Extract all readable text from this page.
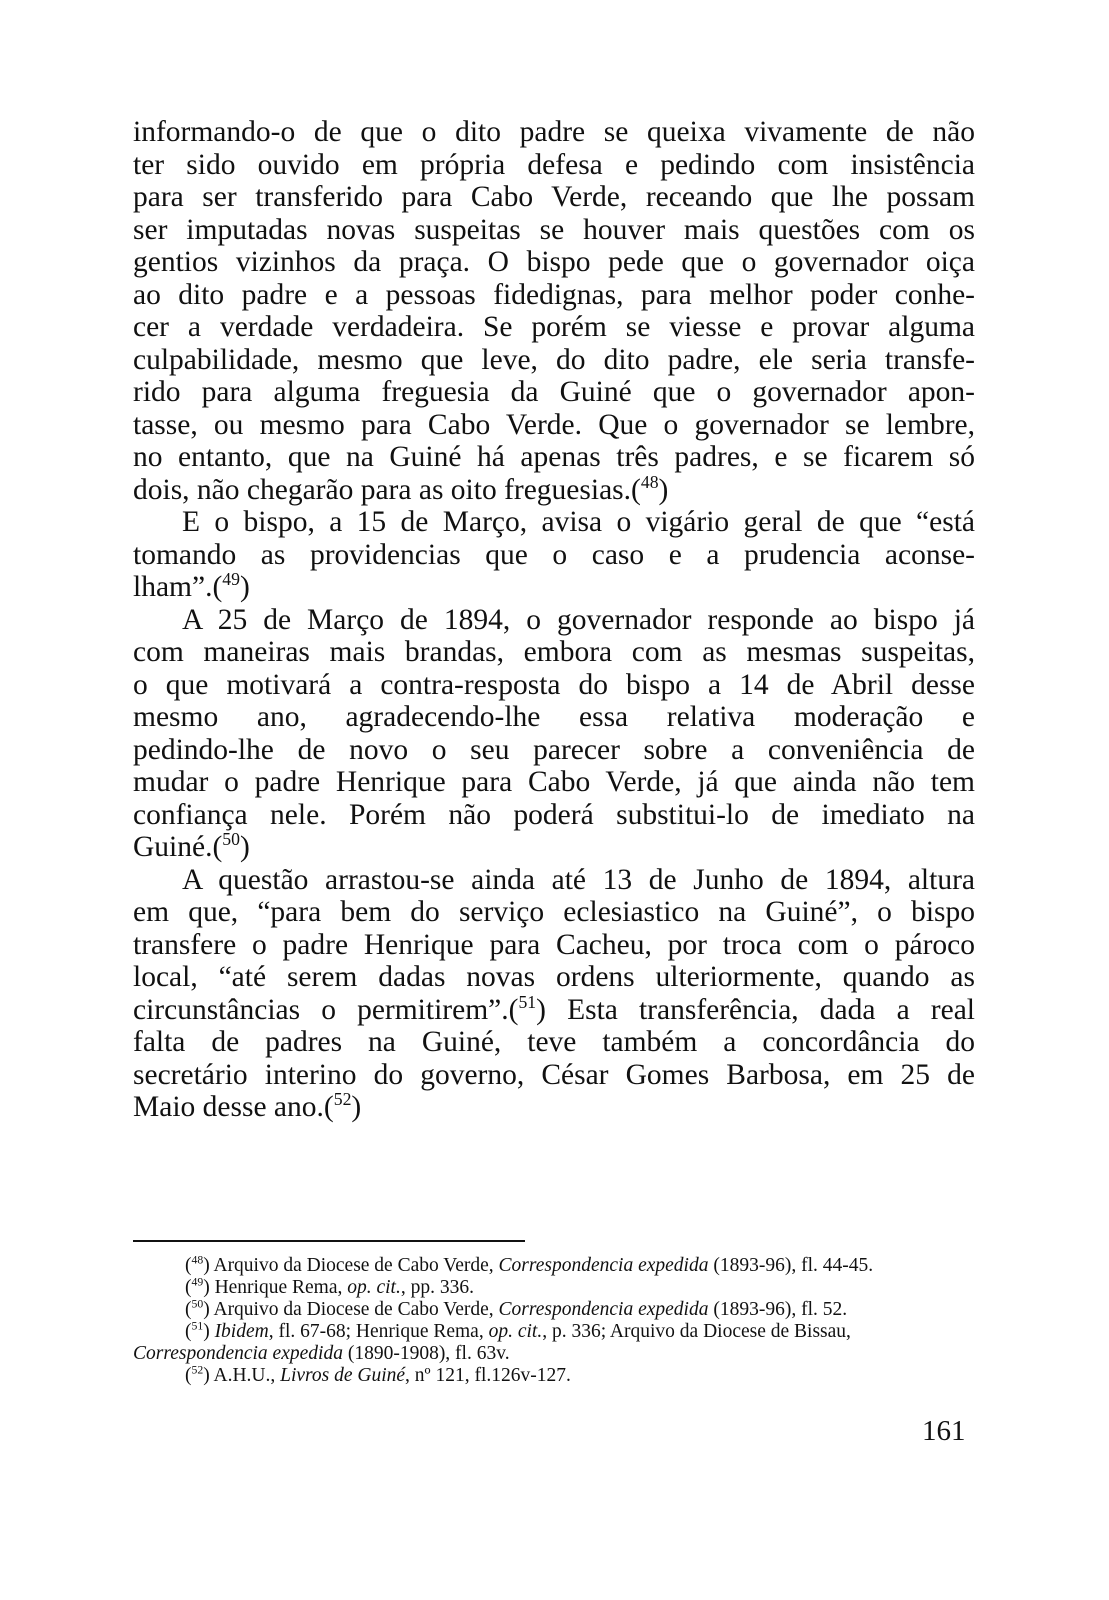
informando-o de que o dito padre se queixa vivamente de não
ter sido ouvido em própria defesa e pedindo com insistência
para ser transferido para Cabo Verde, receando que lhe possam
ser imputadas novas suspeitas se houver mais questões com os
gentios vizinhos da praça. O bispo pede que o governador oiça
ao dito padre e a pessoas fidedignas, para melhor poder conhe-
cer a verdade verdadeira. Se porém se viesse e provar alguma
culpabilidade, mesmo que leve, do dito padre, ele seria transfe-
rido para alguma freguesia da Guiné que o governador apon-
tasse, ou mesmo para Cabo Verde. Que o governador se lembre,
no entanto, que na Guiné há apenas três padres, e se ficarem só
dois, não chegarão para as oito freguesias.($^{48}$)
E o bispo, a 15 de Março, avisa o vigário geral de que “está
tomando as providencias que o caso e a prudencia aconse-
lham”.($^{49}$)
A 25 de Março de 1894, o governador responde ao bispo já
com maneiras mais brandas, embora com as mesmas suspeitas,
o que motivará a contra-resposta do bispo a 14 de Abril desse
mesmo ano, agradecendo-lhe essa relativa moderação e
pedindo-lhe de novo o seu parecer sobre a conveniência de
mudar o padre Henrique para Cabo Verde, já que ainda não tem
confiança nele. Porém não poderá substitui-lo de imediato na
Guiné.($^{50}$)
A questão arrastou-se ainda até 13 de Junho de 1894, altura
em que, “para bem do serviço eclesiastico na Guiné”, o bispo
transfere o padre Henrique para Cacheu, por troca com o pároco
local, “até serem dadas novas ordens ulteriormente, quando as
circunstâncias o permitirem”.($^{51}$) Esta transferência, dada a real
falta de padres na Guiné, teve também a concordância do
secretário interino do governo, César Gomes Barbosa, em 25 de
Maio desse ano.($^{52}$)
($^{48}$) Arquivo da Diocese de Cabo Verde, Correspondencia expedida (1893-96), fl. 44-45.
($^{49}$) Henrique Rema, op. cit., pp. 336.
($^{50}$) Arquivo da Diocese de Cabo Verde, Correspondencia expedida (1893-96), fl. 52.
($^{51}$) Ibidem, fl. 67-68; Henrique Rema, op. cit., p. 336; Arquivo da Diocese de Bissau,
Correspondencia expedida (1890-1908), fl. 63v.
($^{52}$) A.H.U., Livros de Guiné, nº 121, fl.126v-127.
161
